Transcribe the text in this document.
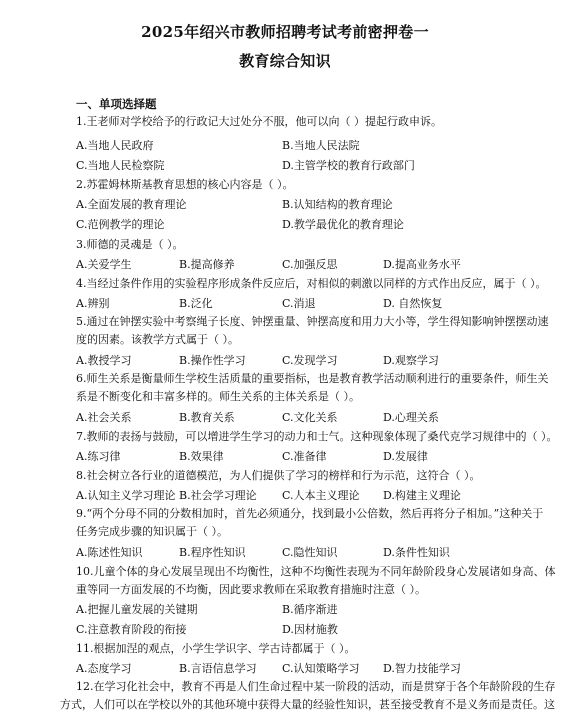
2025年绍兴市教师招聘考试考前密押卷一
教育综合知识
一、单项选择题
1.王老师对学校给予的行政记大过处分不服，他可以向（ ）提起行政申诉。
A.当地人民政府	B.当地人民法院
C.当地人民检察院	D.主管学校的教育行政部门
2.苏霍姆林斯基教育思想的核心内容是（ ）。
A.全面发展的教育理论	B.认知结构的教育理论
C.范例教学的理论	D.教学最优化的教育理论
3.师德的灵魂是（ ）。
A.关爱学生	B.提高修养	C.加强反思	D.提高业务水平
4.当经过条件作用的实验程序形成条件反应后，对相似的刺激以同样的方式作出反应，属于（ ）。
A.辨别	B.泛化	C.消退	D. 自然恢复
5.通过在钟摆实验中考察绳子长度、钟摆重量、钟摆高度和用力大小等，学生得知影响钟摆摆动速
度的因素。该教学方式属于（ ）。
A.教授学习	B.操作性学习	C.发现学习	D.观察学习
6.师生关系是衡量师生学校生活质量的重要指标，也是教育教学活动顺利进行的重要条件，师生关
系是不断变化和丰富多样的。师生关系的主体关系是（ ）。
A.社会关系	B.教育关系	C.文化关系	D.心理关系
7.教师的表扬与鼓励，可以增进学生学习的动力和士气。这种现象体现了桑代克学习规律中的（ ）。
A.练习律	B.效果律	C.准备律	D.发展律
8.社会树立各行业的道德模范，为人们提供了学习的榜样和行为示范，这符合（ ）。
A.认知主义学习理论 B.社会学习理论 C.人本主义理论 D.构建主义理论
9.“两个分母不同的分数相加时，首先必须通分，找到最小公倍数，然后再将分子相加。”这种关于
任务完成步骤的知识属于（ ）。
A.陈述性知识	B.程序性知识	C.隐性知识	D.条件性知识
10.儿童个体的身心发展呈现出不均衡性，这种不均衡性表现为不同年龄阶段身心发展诸如身高、体
重等同一方面发展的不均衡，因此要求教师在采取教育措施时注意（ ）。
A.把握儿童发展的关键期	B.循序渐进
C.注意教育阶段的衔接	D.因材施教
11.根据加涅的观点，小学生学识字、学古诗都属于（ ）。
A.态度学习	B.言语信息学习 C.认知策略学习 D.智力技能学习
12.在学习化社会中，教育不再是人们生命过程中某一阶段的活动，而是贯穿于各个年龄阶段的生存
方式，人们可以在学校以外的其他环境中获得大量的经验性知识，甚至接受教育不是义务而是责任。这
